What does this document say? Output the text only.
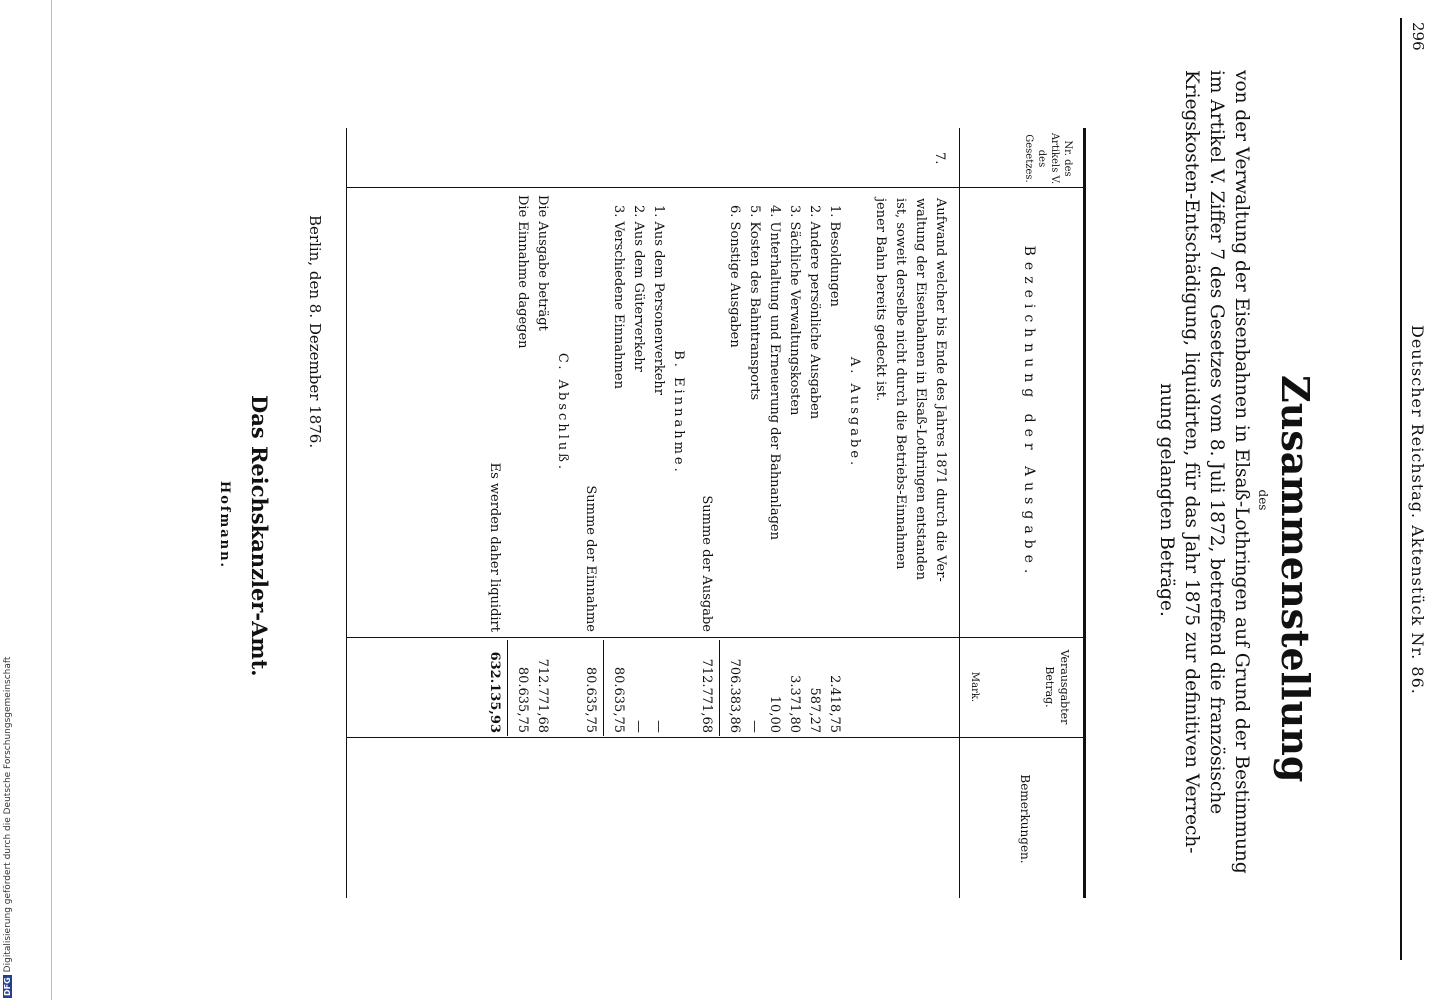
296
Deutscher Reichstag. Aktenstück Nr. 86.
Zusammenstellung
des
von der Verwaltung der Eisenbahnen in Elsaß-Lothringen auf Grund der Bestimmung
im Artikel V. Ziffer 7 des Gesetzes vom 8. Juli 1872, betreffend die französische
Kriegskosten-Entschädigung, liquidirten, für das Jahr 1875 zur definitiven Verrech-
nung gelangten Beträge.
Nr. des Artikels V. des Gesetzes.
Bezeichnung der Ausgabe.
Verausgabter Betrag.
Mark.
Bemerkungen.
7.
Aufwand welcher bis Ende des Jahres 1871 durch die Ver-
waltung der Eisenbahnen in Elsaß-Lothringen entstanden
ist, soweit derselbe nicht durch die Betriebs-Einnahmen
jener Bahn bereits gedeckt ist.
A. Ausgabe.
1. Besoldungen
2.418,75
2. Andere persönliche Ausgaben
587,27
3. Sächliche Verwaltungskosten
3.371,80
4. Unterhaltung und Erneuerung der Bahnanlagen
10,00
5. Kosten des Bahntransports
—
6. Sonstige Ausgaben
706.383,86
Summe der Ausgabe
712.771,68
B. Einnahme.
1. Aus dem Personenverkehr
—
2. Aus dem Güterverkehr
—
3. Verschiedene Einnahmen
80.635,75
Summe der Einnahme
80.635,75
C. Abschluß.
Die Ausgabe beträgt
712.771,68
Die Einnahme dagegen
80.635,75
Es werden daher liquidirt
632.135,93
Berlin, den 8. Dezember 1876.
Das Reichskanzler-Amt.
Hofmann.
DFGDigitalisierung gefördert durch die Deutsche Forschungsgemeinschaft
